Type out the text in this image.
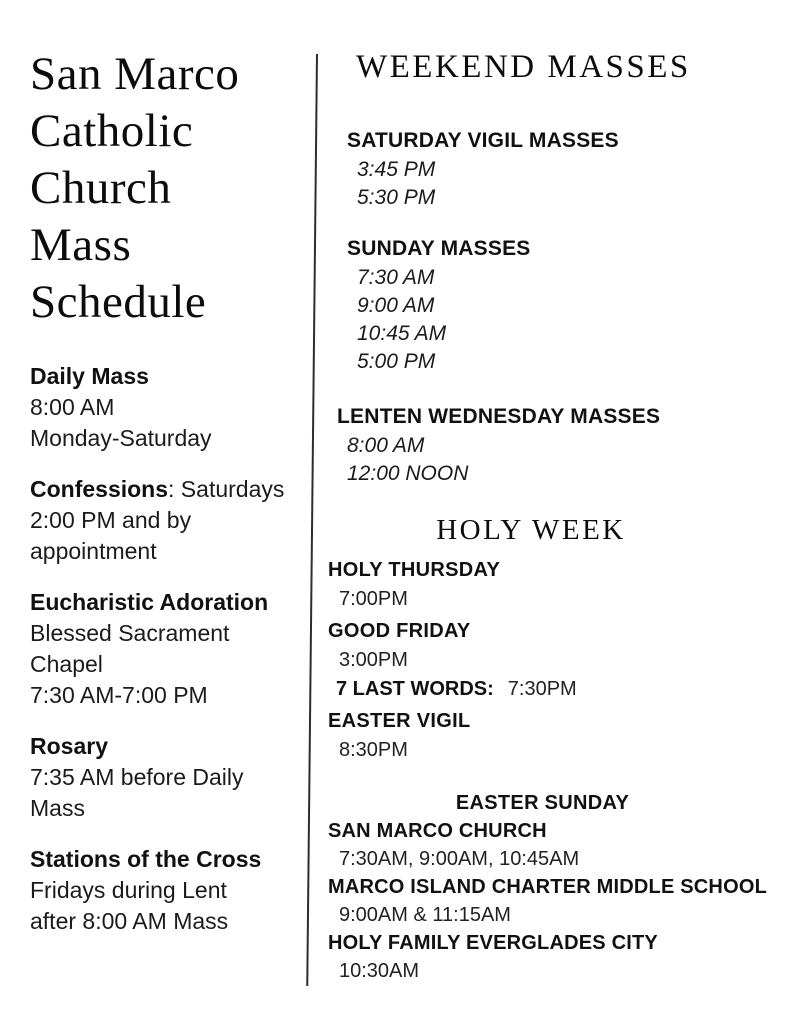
San Marco
Catholic
Church
Mass
Schedule
Daily Mass
8:00 AM
Monday-Saturday
Confessions: Saturdays
2:00 PM and by
appointment
Eucharistic Adoration
Blessed Sacrament
Chapel
7:30 AM-7:00 PM
Rosary
7:35 AM before Daily
Mass
Stations of the Cross
Fridays during Lent
after 8:00 AM Mass
WEEKEND MASSES
SATURDAY VIGIL MASSES
3:45 PM
5:30 PM
SUNDAY MASSES
7:30 AM
9:00 AM
10:45 AM
5:00 PM
LENTEN WEDNESDAY MASSES
8:00 AM
12:00 NOON
HOLY WEEK
HOLY THURSDAY
7:00PM
GOOD FRIDAY
3:00PM
7 LAST WORDS: 7:30PM
EASTER VIGIL
8:30PM
EASTER SUNDAY
SAN MARCO CHURCH
7:30AM, 9:00AM, 10:45AM
MARCO ISLAND CHARTER MIDDLE SCHOOL
9:00AM & 11:15AM
HOLY FAMILY EVERGLADES CITY
10:30AM
